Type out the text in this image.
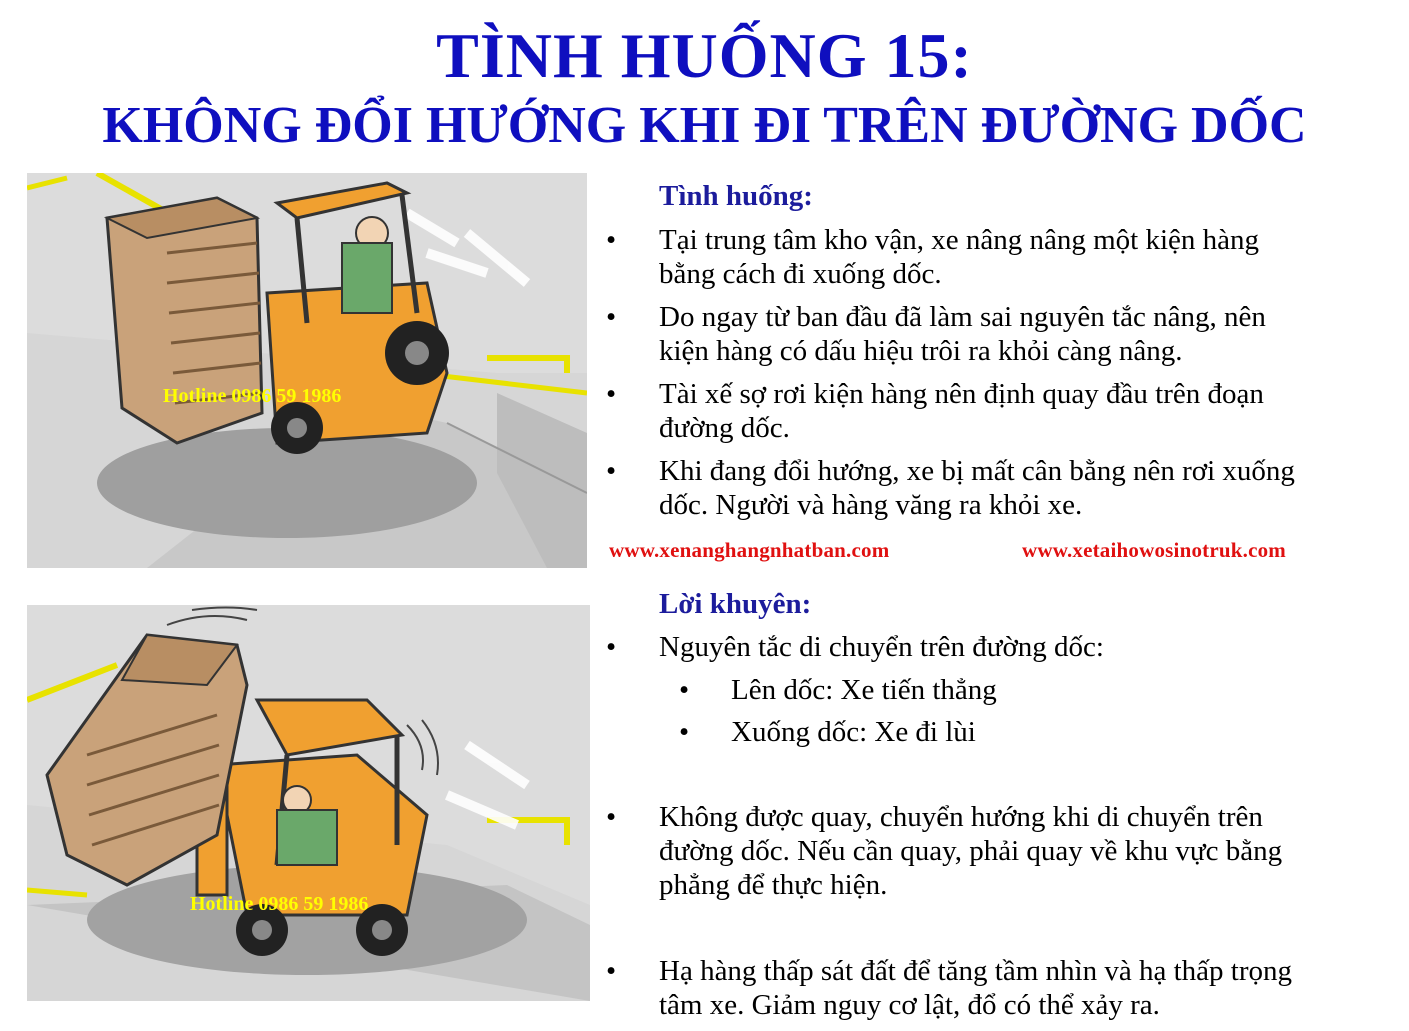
TÌNH HUỐNG 15:
KHÔNG ĐỔI HƯỚNG KHI ĐI TRÊN ĐƯỜNG DỐC
Hotline 0986 59 1986
Hotline 0986 59 1986
Tình huống:
• Tại trung tâm kho vận, xe nâng nâng một kiện hàng
bằng cách đi xuống dốc.
• Do ngay từ ban đầu đã làm sai nguyên tắc nâng, nên
kiện hàng có dấu hiệu trôi ra khỏi càng nâng.
• Tài xế sợ rơi kiện hàng nên định quay đầu trên đoạn
đường dốc.
• Khi đang đổi hướng, xe bị mất cân bằng nên rơi xuống
dốc. Người và hàng văng ra khỏi xe.
www.xenanghangnhatban.com	www.xetaihowosinotruk.com
Lời khuyên:
• Nguyên tắc di chuyển trên đường dốc:
• Lên dốc: Xe tiến thẳng
• Xuống dốc: Xe đi lùi
• Không được quay, chuyển hướng khi di chuyển trên
đường dốc. Nếu cần quay, phải quay về khu vực bằng
phẳng để thực hiện.
• Hạ hàng thấp sát đất để tăng tầm nhìn và hạ thấp trọng
tâm xe. Giảm nguy cơ lật, đổ có thể xảy ra.
